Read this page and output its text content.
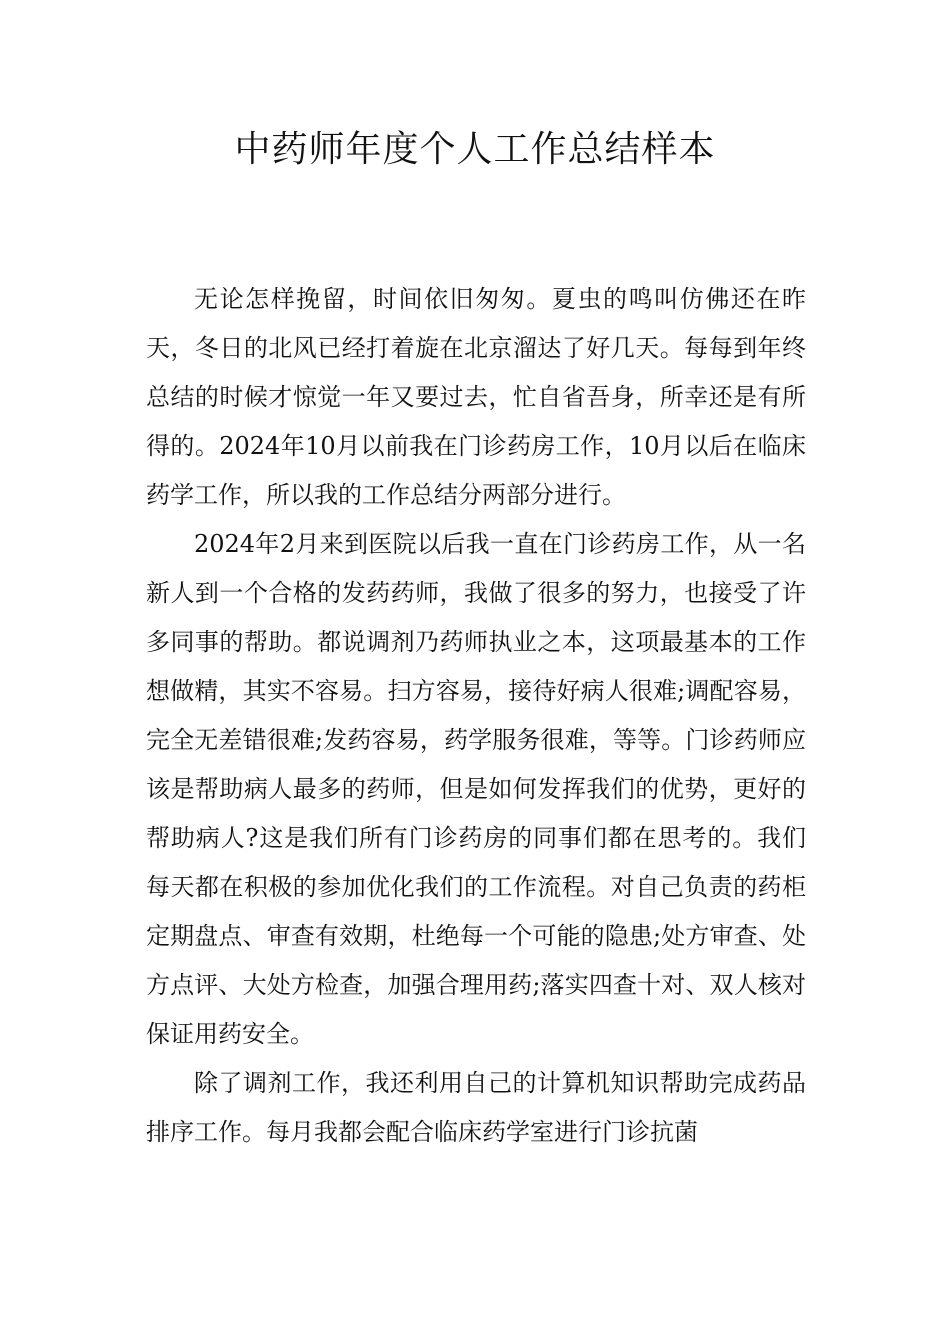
中药师年度个人工作总结样本

无论怎样挽留，时间依旧匆匆。夏虫的鸣叫仿佛还在昨天，冬日的北风已经打着旋在北京溜达了好几天。每每到年终总结的时候才惊觉一年又要过去，忙自省吾身，所幸还是有所得的。2024年10月以前我在门诊药房工作，10月以后在临床药学工作，所以我的工作总结分两部分进行。

2024年2月来到医院以后我一直在门诊药房工作，从一名新人到一个合格的发药药师，我做了很多的努力，也接受了许多同事的帮助。都说调剂乃药师执业之本，这项最基本的工作想做精，其实不容易。扫方容易，接待好病人很难;调配容易，完全无差错很难;发药容易，药学服务很难，等等。门诊药师应该是帮助病人最多的药师，但是如何发挥我们的优势，更好的帮助病人?这是我们所有门诊药房的同事们都在思考的。我们每天都在积极的参加优化我们的工作流程。对自己负责的药柜定期盘点、审查有效期，杜绝每一个可能的隐患;处方审查、处方点评、大处方检查，加强合理用药;落实四查十对、双人核对保证用药安全。

除了调剂工作，我还利用自己的计算机知识帮助完成药品排序工作。每月我都会配合临床药学室进行门诊抗菌
